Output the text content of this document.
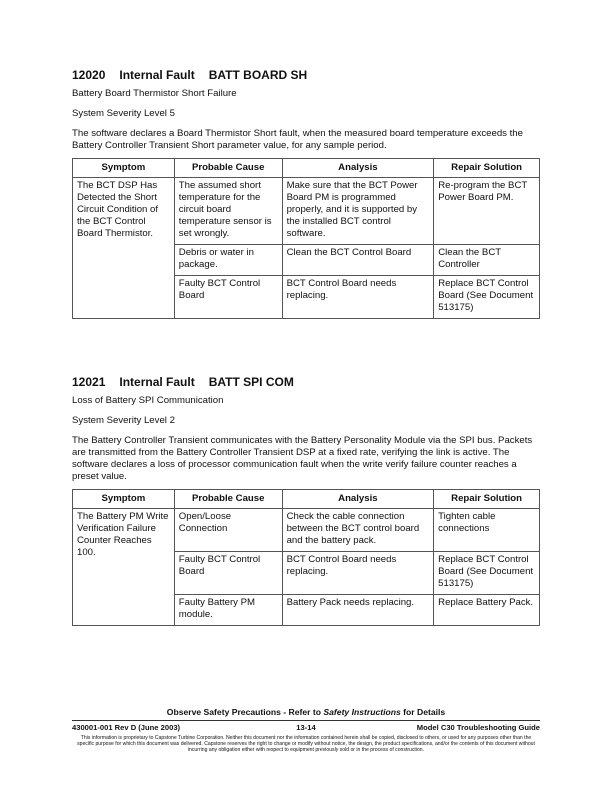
12020 Internal Fault BATT BOARD SH

Battery Board Thermistor Short Failure

System Severity Level 5

The software declares a Board Thermistor Short fault, when the measured board temperature exceeds the Battery Controller Transient Short parameter value, for any sample period.

Symptom	Probable Cause	Analysis	Repair Solution
The BCT DSP Has Detected the Short Circuit Condition of the BCT Control Board Thermistor.	The assumed short temperature for the circuit board temperature sensor is set wrongly.	Make sure that the BCT Power Board PM is programmed properly, and it is supported by the installed BCT control software.	Re-program the BCT Power Board PM.
	Debris or water in package.	Clean the BCT Control Board	Clean the BCT Controller
	Faulty BCT Control Board	BCT Control Board needs replacing.	Replace BCT Control Board (See Document 513175)
12021 Internal Fault BATT SPI COM

Loss of Battery SPI Communication

System Severity Level 2

The Battery Controller Transient communicates with the Battery Personality Module via the SPI bus. Packets are transmitted from the Battery Controller Transient DSP at a fixed rate, verifying the link is active. The software declares a loss of processor communication fault when the write verify failure counter reaches a preset value.

Symptom	Probable Cause	Analysis	Repair Solution
The Battery PM Write Verification Failure Counter Reaches 100.	Open/Loose Connection	Check the cable connection between the BCT control board and the battery pack.	Tighten cable connections
	Faulty BCT Control Board	BCT Control Board needs replacing.	Replace BCT Control Board (See Document 513175)
	Faulty Battery PM module.	Battery Pack needs replacing.	Replace Battery Pack.
Observe Safety Precautions - Refer to Safety Instructions for Details
430001-001 Rev D (June 2003)	13-14	Model C30 Troubleshooting Guide
This information is proprietary to Capstone Turbine Corporation. Neither this document nor the information contained herein shall be copied, disclosed to others, or used for any purposes other than the specific purpose for which this document was delivered. Capstone reserves the right to change or modify without notice, the design, the product specifications, and/or the contents of this document without incurring any obligation either with respect to equipment previously sold or in the process of construction.
